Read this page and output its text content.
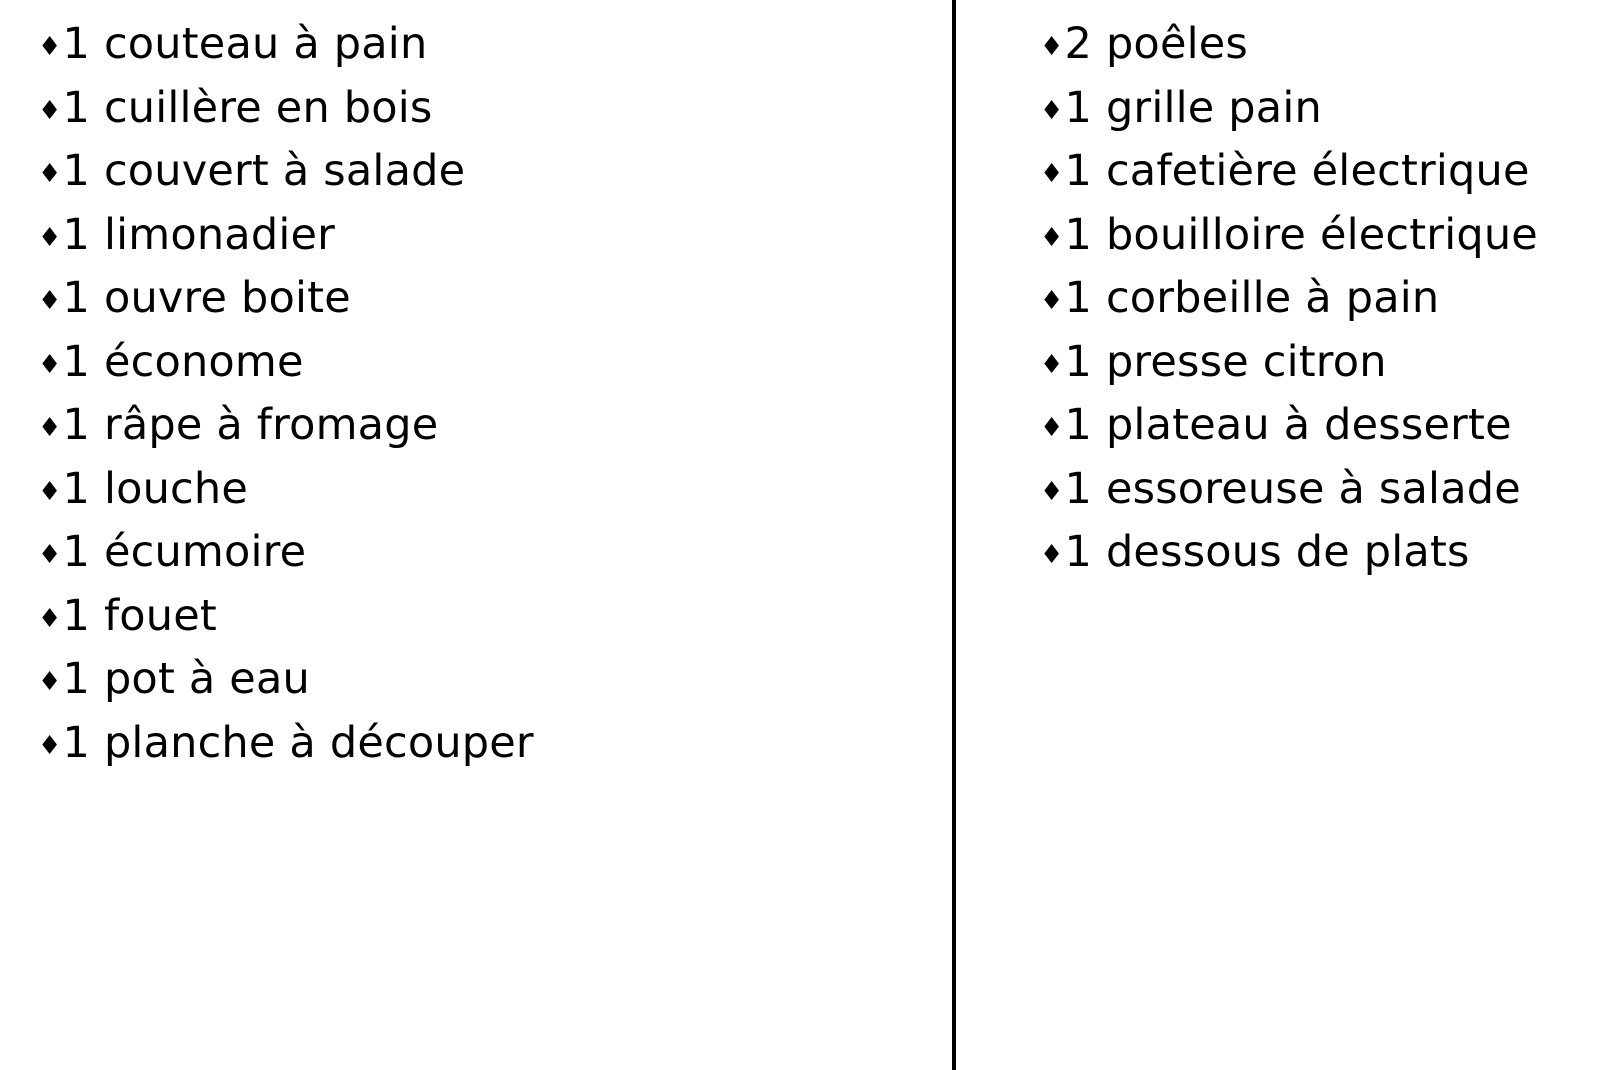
♦1 couteau à pain
♦1 cuillère en bois
♦1 couvert à salade
♦1 limonadier
♦1 ouvre boite
♦1 économe
♦1 râpe à fromage
♦1 louche
♦1 écumoire
♦1 fouet
♦1 pot à eau
♦1 planche à découper
♦2 poêles
♦1 grille pain
♦1 cafetière électrique
♦1 bouilloire électrique
♦1 corbeille à pain
♦1 presse citron
♦1 plateau à desserte
♦1 essoreuse à salade
♦1 dessous de plats
